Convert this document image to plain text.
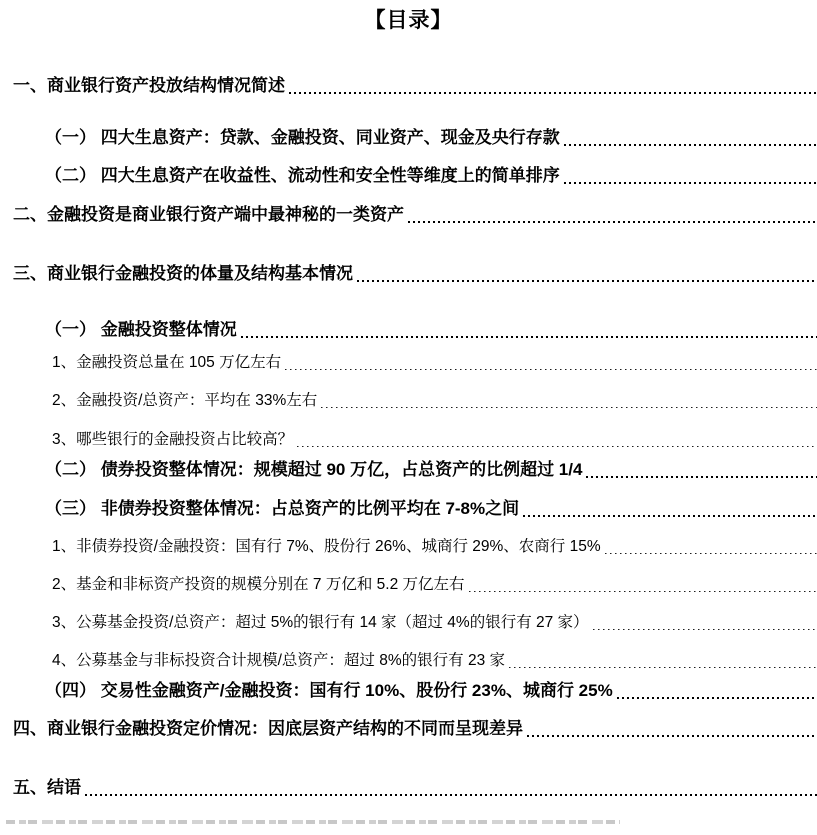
【目录】
一、商业银行资产投放结构情况简述
（一） 四大生息资产：贷款、金融投资、同业资产、现金及央行存款
（二） 四大生息资产在收益性、流动性和安全性等维度上的简单排序
二、金融投资是商业银行资产端中最神秘的一类资产
三、商业银行金融投资的体量及结构基本情况
（一） 金融投资整体情况
1、金融投资总量在 105 万亿左右
2、金融投资/总资产：平均在 33%左右
3、哪些银行的金融投资占比较高？
（二） 债券投资整体情况：规模超过 90 万亿，占总资产的比例超过 1/4
（三） 非债券投资整体情况：占总资产的比例平均在 7-8%之间
1、非债券投资/金融投资：国有行 7%、股份行 26%、城商行 29%、农商行 15%
2、基金和非标资产投资的规模分别在 7 万亿和 5.2 万亿左右
3、公募基金投资/总资产：超过 5%的银行有 14 家（超过 4%的银行有 27 家）
4、公募基金与非标投资合计规模/总资产：超过 8%的银行有 23 家
（四） 交易性金融资产/金融投资：国有行 10%、股份行 23%、城商行 25%
四、商业银行金融投资定价情况：因底层资产结构的不同而呈现差异
五、结语
